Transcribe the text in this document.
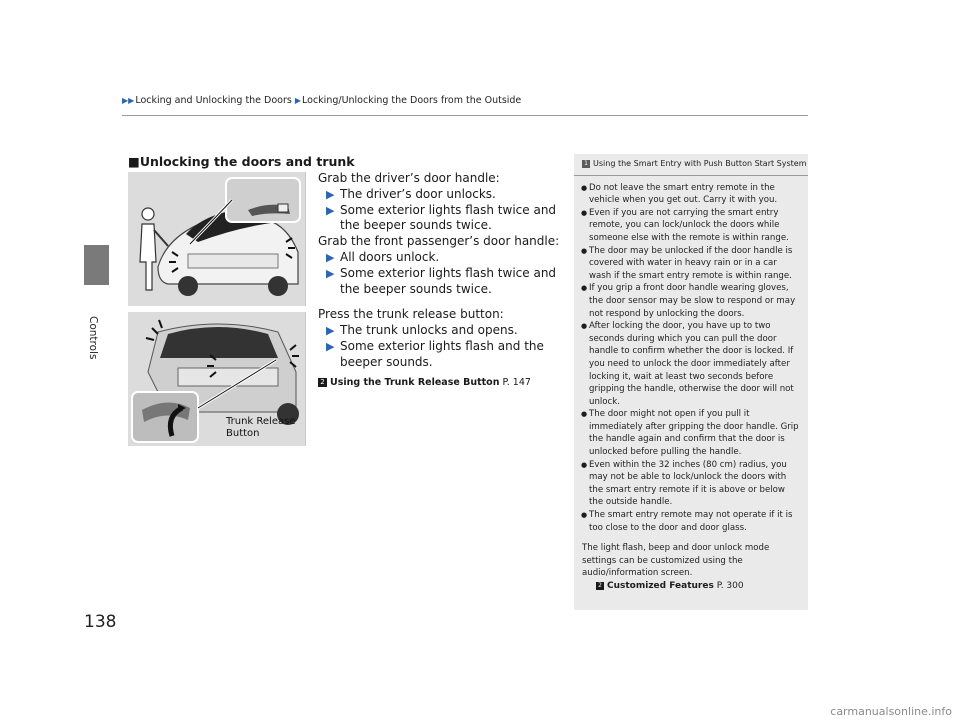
▶▶ Locking and Unlocking the Doors ▶ Locking/Unlocking the Doors from the Outside
Controls
138
■Unlocking the doors and trunk
Trunk Release Button

Grab the driver’s door handle:

▶ The driver’s door unlocks.

▶ Some exterior lights flash twice and the beeper sounds twice.

Grab the front passenger’s door handle:

▶ All doors unlock.

▶ Some exterior lights flash twice and the beeper sounds twice.

Press the trunk release button:

▶ The trunk unlocks and opens.

▶ Some exterior lights flash and the beeper sounds.

2 Using the Trunk Release Button P. 147
1 Using the Smart Entry with Push Button Start System
● Do not leave the smart entry remote in the vehicle when you get out. Carry it with you.
● Even if you are not carrying the smart entry remote, you can lock/unlock the doors while someone else with the remote is within range.
● The door may be unlocked if the door handle is covered with water in heavy rain or in a car wash if the smart entry remote is within range.
● If you grip a front door handle wearing gloves, the door sensor may be slow to respond or may not respond by unlocking the doors.
● After locking the door, you have up to two seconds during which you can pull the door handle to confirm whether the door is locked. If you need to unlock the door immediately after locking it, wait at least two seconds before gripping the handle, otherwise the door will not unlock.
● The door might not open if you pull it immediately after gripping the door handle. Grip the handle again and confirm that the door is unlocked before pulling the handle.
● Even within the 32 inches (80 cm) radius, you may not be able to lock/unlock the doors with the smart entry remote if it is above or below the outside handle.
● The smart entry remote may not operate if it is too close to the door and door glass.

The light flash, beep and door unlock mode settings can be customized using the audio/information screen.

2 Customized Features P. 300
carmanualsonline.info
